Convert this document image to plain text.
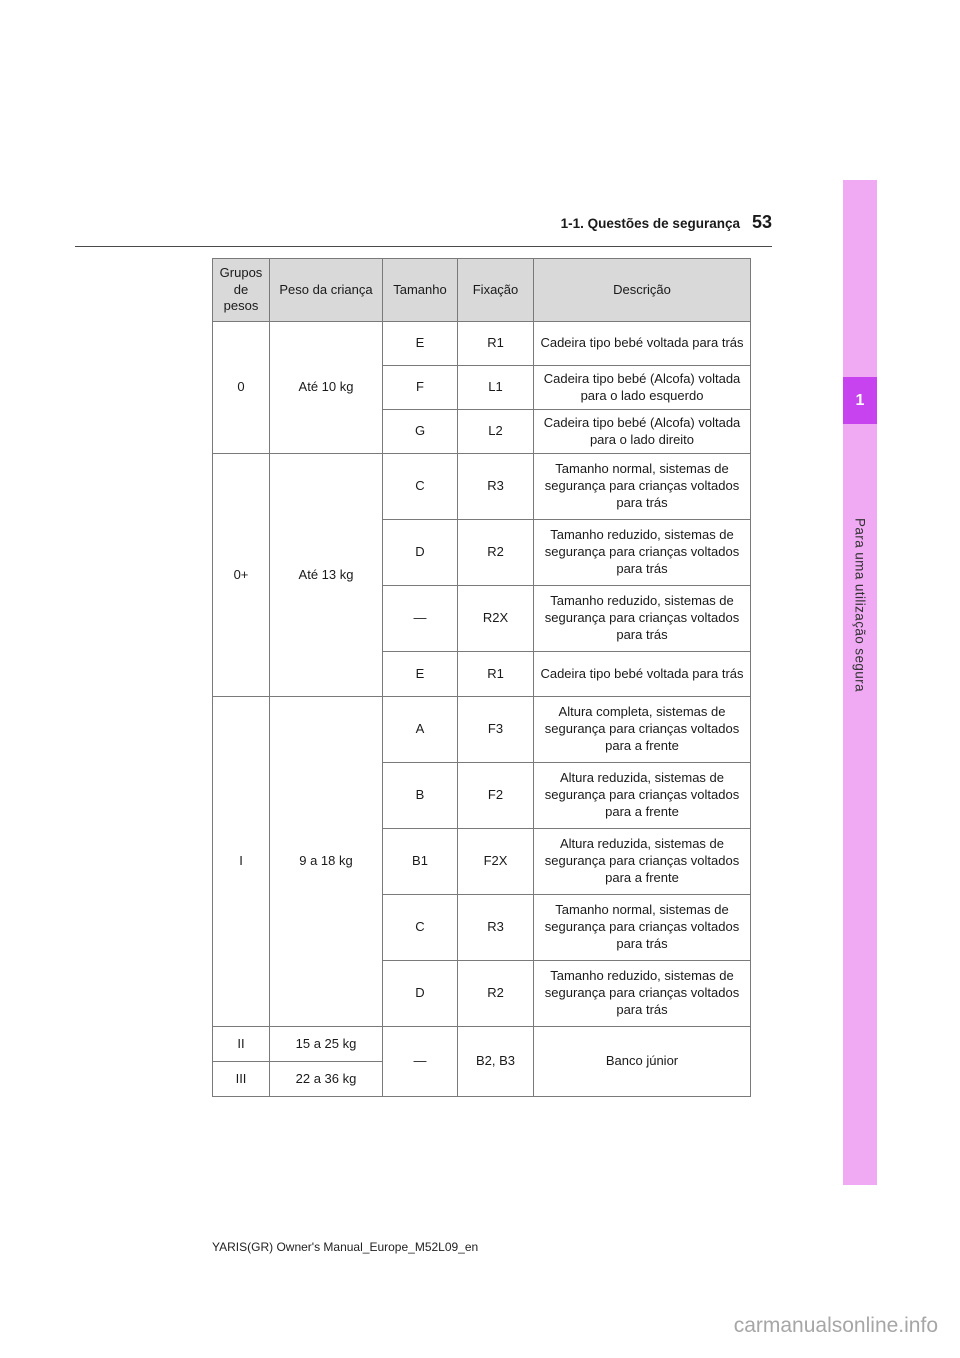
1-1. Questões de segurança 53
1
Para uma utilização segura
Grupos de pesos	Peso da criança	Tamanho	Fixação	Descrição
0	Até 10 kg	E	R1	Cadeira tipo bebé voltada para trás
		F	L1	Cadeira tipo bebé (Alcofa) voltada para o lado esquerdo
		G	L2	Cadeira tipo bebé (Alcofa) voltada para o lado direito
0+	Até 13 kg	C	R3	Tamanho normal, sistemas de segurança para crianças voltados para trás
		D	R2	Tamanho reduzido, sistemas de segurança para crianças voltados para trás
		—	R2X	Tamanho reduzido, sistemas de segurança para crianças voltados para trás
		E	R1	Cadeira tipo bebé voltada para trás
I	9 a 18 kg	A	F3	Altura completa, sistemas de segurança para crianças voltados para a frente
		B	F2	Altura reduzida, sistemas de segurança para crianças voltados para a frente
		B1	F2X	Altura reduzida, sistemas de segurança para crianças voltados para a frente
		C	R3	Tamanho normal, sistemas de segurança para crianças voltados para trás
		D	R2	Tamanho reduzido, sistemas de segurança para crianças voltados para trás
II	15 a 25 kg	—	B2, B3	Banco júnior
III	22 a 36 kg			
YARIS(GR) Owner's Manual_Europe_M52L09_en
carmanualsonline.info
